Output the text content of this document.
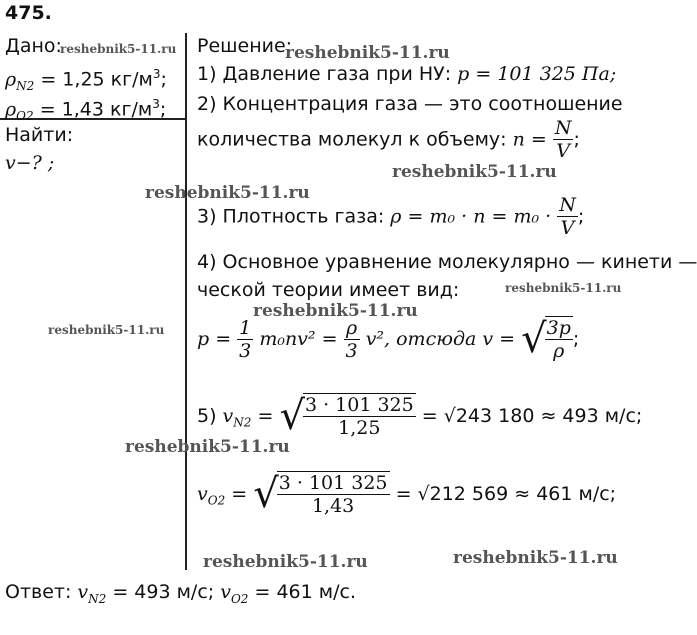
475.
Дано:
$\rho_{N2} = 1,25$ $кг/м^3$;
$\rho_{O2} = 1,43$ $кг/м^3$;
Найти:
v−? ;
Решение:
1) Давление газа при НУ: p = 101 325 Па;
2) Концентрация газа — это соотношение
количества молекул к объему: $n = \frac{N}{V}$ ;
3) Плотность газа: $\rho = m_0 \cdot n = m_0 \cdot \frac{N}{V}$ ;
4) Основное уравнение молекулярно — кинети —
ческой теории имеет вид:
$p = \frac{1}{3} m_0nv^2 = \frac{\rho}{3} v^2$, отсюда v = √
$\frac{3p}{\rho}$ ;
5) $v_{N2}$ = √
$\frac{3 \cdot 101 325}{1,25} = √243$ 180 ≈ 493 м/с;
$v_{O2}$ = √
$\frac{3 \cdot 101 325}{1,43} = √212$ 569 ≈ 461 м/с;
Ответ: $v_{N2} = 493$ м/с; $v_{O2} = 461$ м/с.
reshebnik5-11.ru	reshebnik5-11.ru
reshebnik5-11.ru
reshebnik5-11.ru
reshebnik5-11.ru
reshebnik5-11.ru
reshebnik5-11.ru
reshebnik5-11.ru
reshebnik5-11.ru	reshebnik5-11.ru
